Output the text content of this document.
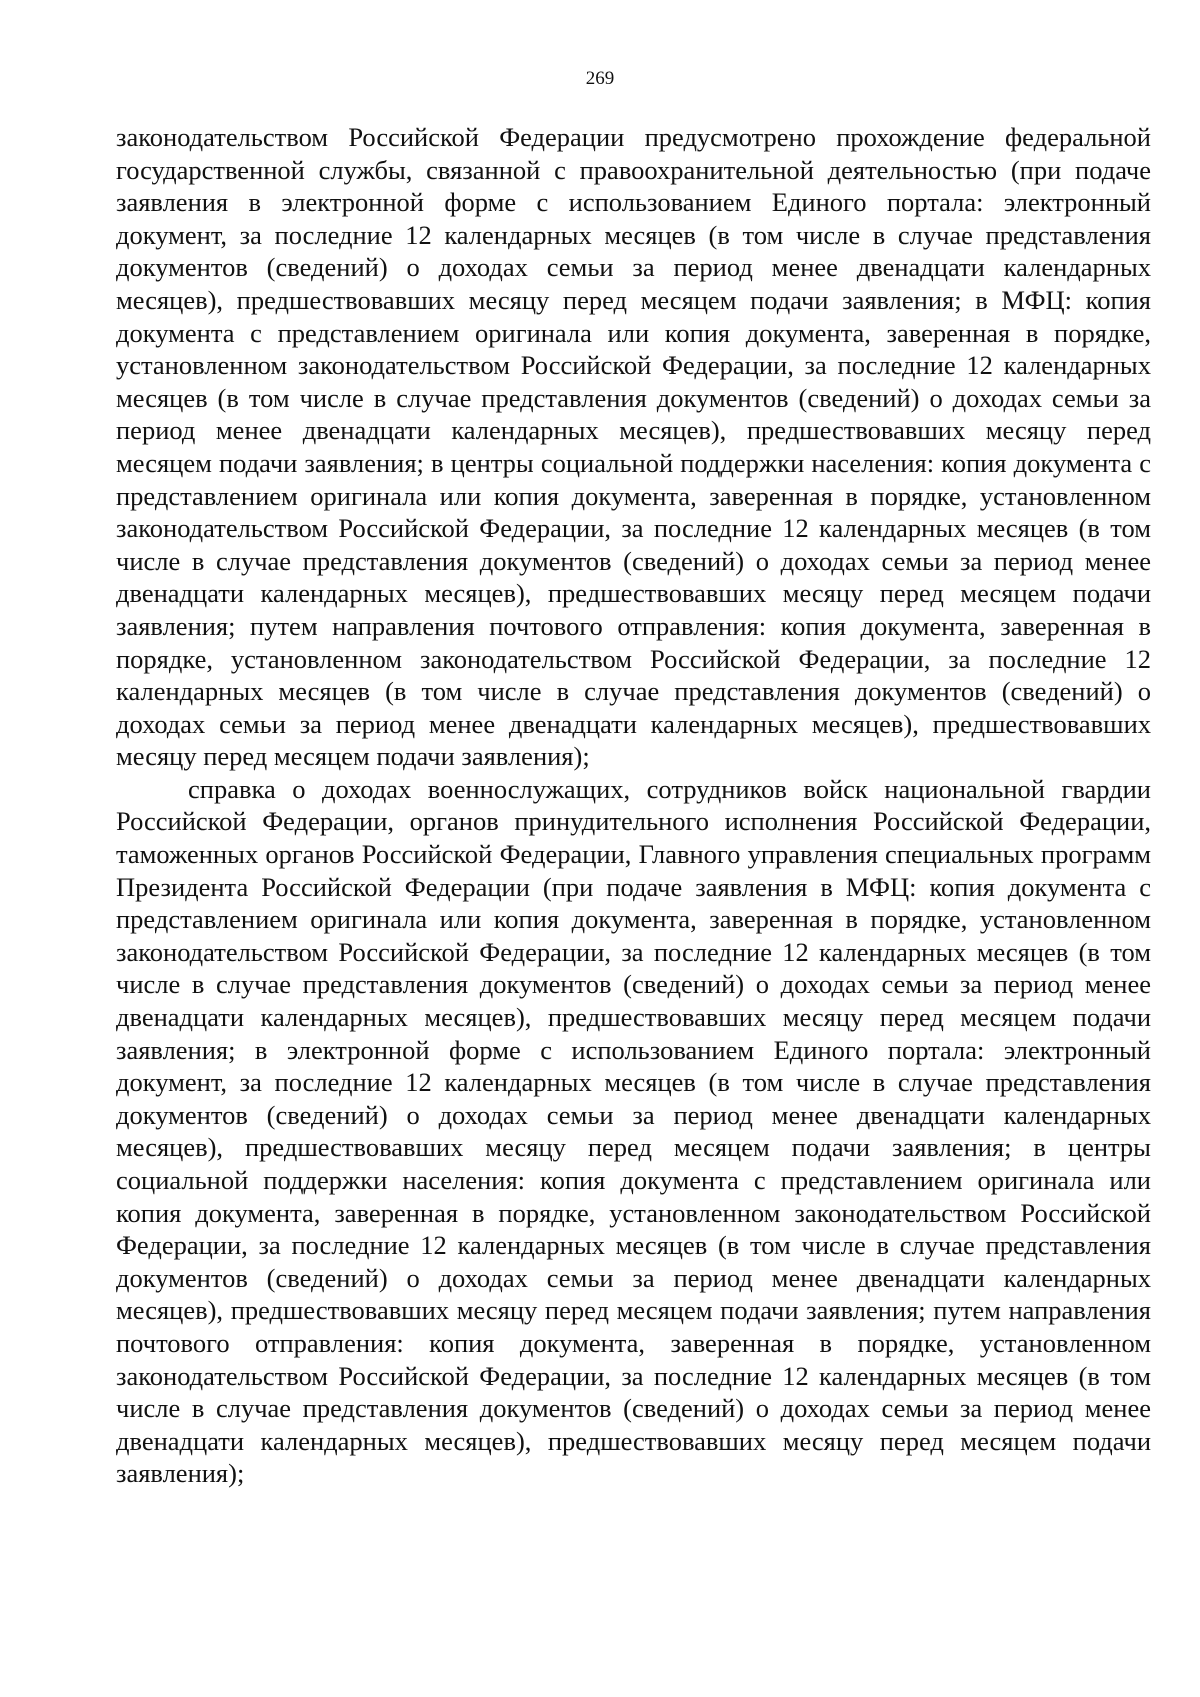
269

законодательством Российской Федерации предусмотрено прохождение федеральной государственной службы, связанной с правоохранительной деятельностью (при подаче заявления в электронной форме с использованием Единого портала: электронный документ, за последние 12 календарных месяцев (в том числе в случае представления документов (сведений) о доходах семьи за период менее двенадцати календарных месяцев), предшествовавших месяцу перед месяцем подачи заявления; в МФЦ: копия документа с представлением оригинала или копия документа, заверенная в порядке, установленном законодательством Российской Федерации, за последние 12 календарных месяцев (в том числе в случае представления документов (сведений) о доходах семьи за период менее двенадцати календарных месяцев), предшествовавших месяцу перед месяцем подачи заявления; в центры социальной поддержки населения: копия документа с представлением оригинала или копия документа, заверенная в порядке, установленном законодательством Российской Федерации, за последние 12 календарных месяцев (в том числе в случае представления документов (сведений) о доходах семьи за период менее двенадцати календарных месяцев), предшествовавших месяцу перед месяцем подачи заявления; путем направления почтового отправления: копия документа, заверенная в порядке, установленном законодательством Российской Федерации, за последние 12 календарных месяцев (в том числе в случае представления документов (сведений) о доходах семьи за период менее двенадцати календарных месяцев), предшествовавших месяцу перед месяцем подачи заявления);

справка о доходах военнослужащих, сотрудников войск национальной гвардии Российской Федерации, органов принудительного исполнения Российской Федерации, таможенных органов Российской Федерации, Главного управления специальных программ Президента Российской Федерации (при подаче заявления в МФЦ: копия документа с представлением оригинала или копия документа, заверенная в порядке, установленном законодательством Российской Федерации, за последние 12 календарных месяцев (в том числе в случае представления документов (сведений) о доходах семьи за период менее двенадцати календарных месяцев), предшествовавших месяцу перед месяцем подачи заявления; в электронной форме с использованием Единого портала: электронный документ, за последние 12 календарных месяцев (в том числе в случае представления документов (сведений) о доходах семьи за период менее двенадцати календарных месяцев), предшествовавших месяцу перед месяцем подачи заявления; в центры социальной поддержки населения: копия документа с представлением оригинала или копия документа, заверенная в порядке, установленном законодательством Российской Федерации, за последние 12 календарных месяцев (в том числе в случае представления документов (сведений) о доходах семьи за период менее двенадцати календарных месяцев), предшествовавших месяцу перед месяцем подачи заявления; путем направления почтового отправления: копия документа, заверенная в порядке, установленном законодательством Российской Федерации, за последние 12 календарных месяцев (в том числе в случае представления документов (сведений) о доходах семьи за период менее двенадцати календарных месяцев), предшествовавших месяцу перед месяцем подачи заявления);
